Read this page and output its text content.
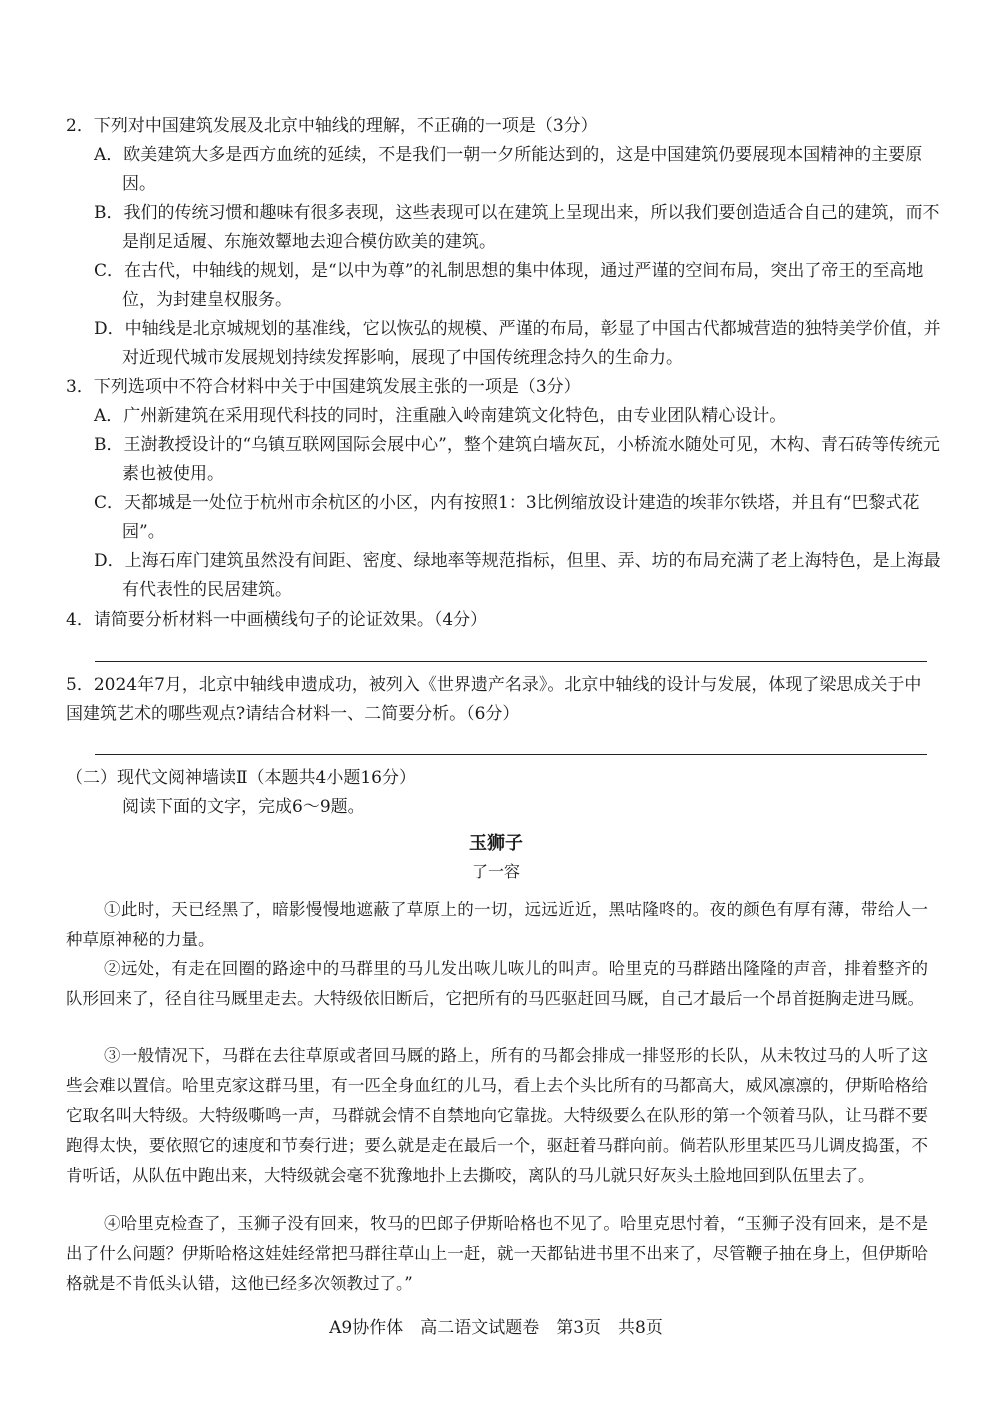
2．下列对中国建筑发展及北京中轴线的理解，不正确的一项是（3分）

A．欧美建筑大多是西方血统的延续，不是我们一朝一夕所能达到的，这是中国建筑仍要展现本国精神的主要原因。

B．我们的传统习惯和趣味有很多表现，这些表现可以在建筑上呈现出来，所以我们要创造适合自己的建筑，而不是削足适履、东施效颦地去迎合模仿欧美的建筑。

C．在古代，中轴线的规划，是“以中为尊”的礼制思想的集中体现，通过严谨的空间布局，突出了帝王的至高地位，为封建皇权服务。

D．中轴线是北京城规划的基准线，它以恢弘的规模、严谨的布局，彰显了中国古代都城营造的独特美学价值，并对近现代城市发展规划持续发挥影响，展现了中国传统理念持久的生命力。

3．下列选项中不符合材料中关于中国建筑发展主张的一项是（3分）

A．广州新建筑在采用现代科技的同时，注重融入岭南建筑文化特色，由专业团队精心设计。

B．王澍教授设计的“乌镇互联网国际会展中心”，整个建筑白墙灰瓦，小桥流水随处可见，木构、青石砖等传统元素也被使用。

C．天都城是一处位于杭州市余杭区的小区，内有按照1：3比例缩放设计建造的埃菲尔铁塔，并且有“巴黎式花园”。

D．上海石库门建筑虽然没有间距、密度、绿地率等规范指标，但里、弄、坊的布局充满了老上海特色，是上海最有代表性的民居建筑。

4．请简要分析材料一中画横线句子的论证效果。（4分）

5．2024年7月，北京中轴线申遗成功，被列入《世界遗产名录》。北京中轴线的设计与发展，体现了梁思成关于中国建筑艺术的哪些观点?请结合材料一、二简要分析。（6分）

（二）现代文阅神墙读Ⅱ（本题共4小题16分）

阅读下面的文字，完成6～9题。

玉狮子

了一容

①此时，天已经黑了，暗影慢慢地遮蔽了草原上的一切，远远近近，黑咕隆咚的。夜的颜色有厚有薄，带给人一种草原神秘的力量。

②远处，有走在回圈的路途中的马群里的马儿发出咴儿咴儿的叫声。哈里克的马群踏出隆隆的声音，排着整齐的队形回来了，径自往马厩里走去。大特级依旧断后，它把所有的马匹驱赶回马厩，自己才最后一个昂首挺胸走进马厩。

③一般情况下，马群在去往草原或者回马厩的路上，所有的马都会排成一排竖形的长队，从未牧过马的人听了这些会难以置信。哈里克家这群马里，有一匹全身血红的儿马，看上去个头比所有的马都高大，威风凛凛的，伊斯哈格给它取名叫大特级。大特级嘶鸣一声，马群就会情不自禁地向它靠拢。大特级要么在队形的第一个领着马队，让马群不要跑得太快，要依照它的速度和节奏行进；要么就是走在最后一个，驱赶着马群向前。倘若队形里某匹马儿调皮捣蛋，不肯听话，从队伍中跑出来，大特级就会毫不犹豫地扑上去撕咬，离队的马儿就只好灰头土脸地回到队伍里去了。

④哈里克检查了，玉狮子没有回来，牧马的巴郎子伊斯哈格也不见了。哈里克思忖着，“玉狮子没有回来，是不是出了什么问题？伊斯哈格这娃娃经常把马群往草山上一赶，就一天都钻进书里不出来了，尽管鞭子抽在身上，但伊斯哈格就是不肯低头认错，这他已经多次领教过了。”

A9协作体　高二语文试题卷　第3页　共8页
